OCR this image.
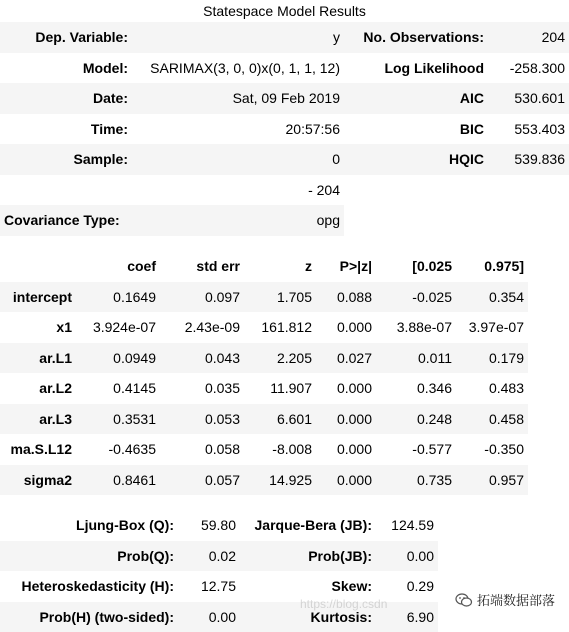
Statespace Model Results
Dep. Variable:	y	No. Observations:	204
Model:	SARIMAX(3, 0, 0)x(0, 1, 1, 12)	Log Likelihood	-258.300
Date:	Sat, 09 Feb 2019	AIC	530.601
Time:	20:57:56	BIC	553.403
Sample:	0	HQIC	539.836
	- 204		
Covariance Type:	opg		
	coef	std err	z	P>|z|	[0.025	0.975]
intercept	0.1649	0.097	1.705	0.088	-0.025	0.354
x1	3.924e-07	2.43e-09	161.812	0.000	3.88e-07	3.97e-07
ar.L1	0.0949	0.043	2.205	0.027	0.011	0.179
ar.L2	0.4145	0.035	11.907	0.000	0.346	0.483
ar.L3	0.3531	0.053	6.601	0.000	0.248	0.458
ma.S.L12	-0.4635	0.058	-8.008	0.000	-0.577	-0.350
sigma2	0.8461	0.057	14.925	0.000	0.735	0.957
Ljung-Box (Q):	59.80	Jarque-Bera (JB):	124.59
Prob(Q):	0.02	Prob(JB):	0.00
Heteroskedasticity (H):	12.75	Skew:	0.29
Prob(H) (two-sided):	0.00	Kurtosis:	6.90
https://blog.csdn	拓端数据部落
